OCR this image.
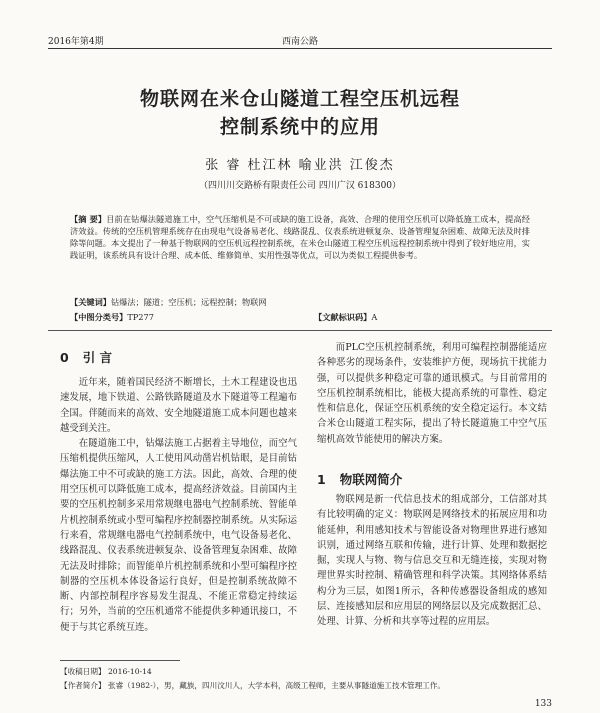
2016年第4期	西南公路
物联网在米仓山隧道工程空压机远程
控制系统中的应用
张 睿 杜江林 喻业洪 江俊杰
（四川川交路桥有限责任公司 四川广汉 618300）
【摘 要】目前在钻爆法隧道施工中，空气压缩机是不可或缺的施工设备，高效、合理的使用空压机可以降低施工成本，提高经济效益。传统的空压机管理系统存在由现电气设备易老化、线路混乱、仪表系统进顿复杂、设备管理复杂困难、故障无法及时排除等问题。本文提出了一种基于物联网的空压机远程控制系统，在米仓山隧道工程空压机远程控制系统中得到了较好地应用，实践证明，该系统具有设计合理、成本低、维修简单、实用性强等优点，可以为类似工程提供参考。
【关键词】钻爆法；隧道；空压机；远程控制；物联网
【中图分类号】TP277	【文献标识码】A
0 引 言

近年来，随着国民经济不断增长，土木工程建设也迅速发展，地下铁道、公路铁路隧道及水下隧道等工程遍布全国。伴随而来的高效、安全地隧道施工成本问题也越来越受到关注。

在隧道施工中，钻爆法施工占据着主导地位，而空气压缩机提供压缩风，人工使用风动凿岩机钻眼，是目前钻爆法施工中不可或缺的施工方法。因此，高效、合理的使用空压机可以降低施工成本，提高经济效益。目前国内主要的空压机控制多采用常规继电器电气控制系统、智能单片机控制系统或小型可编程序控制器控制系统。从实际运行来看，常规继电器电气控制系统中，电气设备易老化、线路混乱、仪表系统进顿复杂、设备管理复杂困难、故障无法及时排除；而智能单片机控制系统和小型可编程序控制器的空压机本体设备运行良好，但是控制系统故障不断、内部控制程序容易发生混乱、不能正常稳定持续运行；另外，当前的空压机通常不能提供多种通讯接口，不便于与其它系统互连。

而PLC空压机控制系统，利用可编程控制器能适应各种恶劣的现场条件，安装维护方便，现场抗干扰能力强，可以提供多种稳定可靠的通讯模式。与目前常用的空压机控制系统相比，能极大提高系统的可靠性、稳定性和信息化，保证空压机系统的安全稳定运行。本文结合米仓山隧道工程实际，提出了特长隧道施工中空气压缩机高效节能使用的解决方案。

1 物联网简介

物联网是新一代信息技术的组成部分，工信部对其有比较明确的定义：物联网是网络技术的拓展应用和功能延伸，利用感知技术与智能设备对物理世界进行感知识别，通过网络互联和传输，进行计算、处理和数据挖掘，实现人与物、物与信息交互和无缝连接，实现对物理世界实时控制、精确管理和科学决策。其网络体系结构分为三层，如图1所示，各种传感器设备组成的感知层、连接感知层和应用层的网络层以及完成数据汇总、处理、计算、分析和共享等过程的应用层。

【收稿日期】 2016-10-14
【作者简介】 张睿（1982-），男，藏族，四川汶川人，大学本科，高级工程师，主要从事隧道施工技术管理工作。
133
